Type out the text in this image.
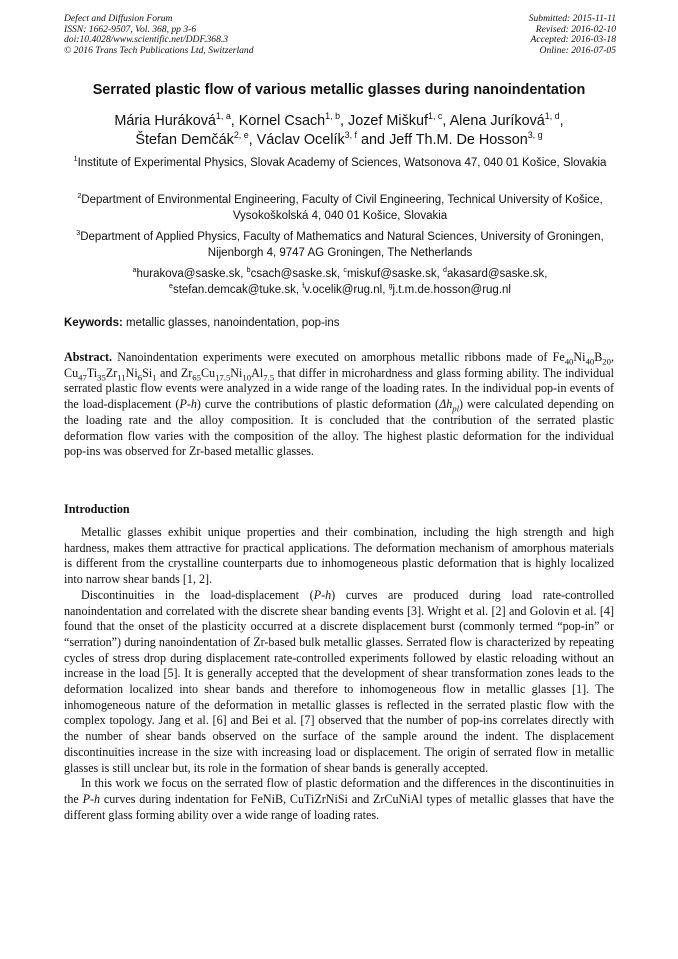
Defect and Diffusion Forum
ISSN: 1662-9507, Vol. 368, pp 3-6
doi:10.4028/www.scientific.net/DDF.368.3
© 2016 Trans Tech Publications Ltd, Switzerland
Submitted: 2015-11-11
Revised: 2016-02-10
Accepted: 2016-03-18
Online: 2016-07-05
Serrated plastic flow of various metallic glasses during nanoindentation
Mária Huráková$^{1, a}$, Kornel Csach$^{1, b}$, Jozef Miškuf$^{1, c}$, Alena Juríková$^{1, d}$,
Štefan Demčák$^{2, e}$, Václav Ocelík$^{3, f}$ and Jeff Th.M. De Hosson$^{3, g}$
$^1$Institute of Experimental Physics, Slovak Academy of Sciences, Watsonova 47, 040 01 Košice, Slovakia
$^2$Department of Environmental Engineering, Faculty of Civil Engineering, Technical University of Košice, Vysokoškolská 4, 040 01 Košice, Slovakia
$^3$Department of Applied Physics, Faculty of Mathematics and Natural Sciences, University of Groningen, Nijenborgh 4, 9747 AG Groningen, The Netherlands
$^a$hurakova@saske.sk, $^b$csach@saske.sk, $^c$miskuf@saske.sk, $^d$akasard@saske.sk,
$^e$stefan.demcak@tuke.sk, $^f$v.ocelik@rug.nl, $^g$j.t.m.de.hosson@rug.nl
Keywords: metallic glasses, nanoindentation, pop-ins
Abstract. Nanoindentation experiments were executed on amorphous metallic ribbons made of $Fe_{40}Ni_{40}B_{20}$, $Cu_{47}Ti_{35}Zr_{11}Ni_6Si_1$ and $Zr_{65}Cu_{17.5}Ni_{10}Al_{7.5}$ that differ in microhardness and glass forming ability. The individual serrated plastic flow events were analyzed in a wide range of the loading rates. In the individual pop-in events of the load-displacement (P-h) curve the contributions of plastic deformation $(\Delta h_{pl})$ were calculated depending on the loading rate and the alloy composition. It is concluded that the contribution of the serrated plastic deformation flow varies with the composition of the alloy. The highest plastic deformation for the individual pop-ins was observed for Zr-based metallic glasses.
Introduction

Metallic glasses exhibit unique properties and their combination, including the high strength and high hardness, makes them attractive for practical applications. The deformation mechanism of amorphous materials is different from the crystalline counterparts due to inhomogeneous plastic deformation that is highly localized into narrow shear bands [1, 2].

Discontinuities in the load-displacement (P-h) curves are produced during load rate-controlled nanoindentation and correlated with the discrete shear banding events [3]. Wright et al. [2] and Golovin et al. [4] found that the onset of the plasticity occurred at a discrete displacement burst (commonly termed “pop-in” or “serration”) during nanoindentation of Zr-based bulk metallic glasses. Serrated flow is characterized by repeating cycles of stress drop during displacement rate-controlled experiments followed by elastic reloading without an increase in the load [5]. It is generally accepted that the development of shear transformation zones leads to the deformation localized into shear bands and therefore to inhomogeneous flow in metallic glasses [1]. The inhomogeneous nature of the deformation in metallic glasses is reflected in the serrated plastic flow with the complex topology. Jang et al. [6] and Bei et al. [7] observed that the number of pop-ins correlates directly with the number of shear bands observed on the surface of the sample around the indent. The displacement discontinuities increase in the size with increasing load or displacement. The origin of serrated flow in metallic glasses is still unclear but, its role in the formation of shear bands is generally accepted.

In this work we focus on the serrated flow of plastic deformation and the differences in the discontinuities in the P-h curves during indentation for FeNiB, CuTiZrNiSi and ZrCuNiAl types of metallic glasses that have the different glass forming ability over a wide range of loading rates.
